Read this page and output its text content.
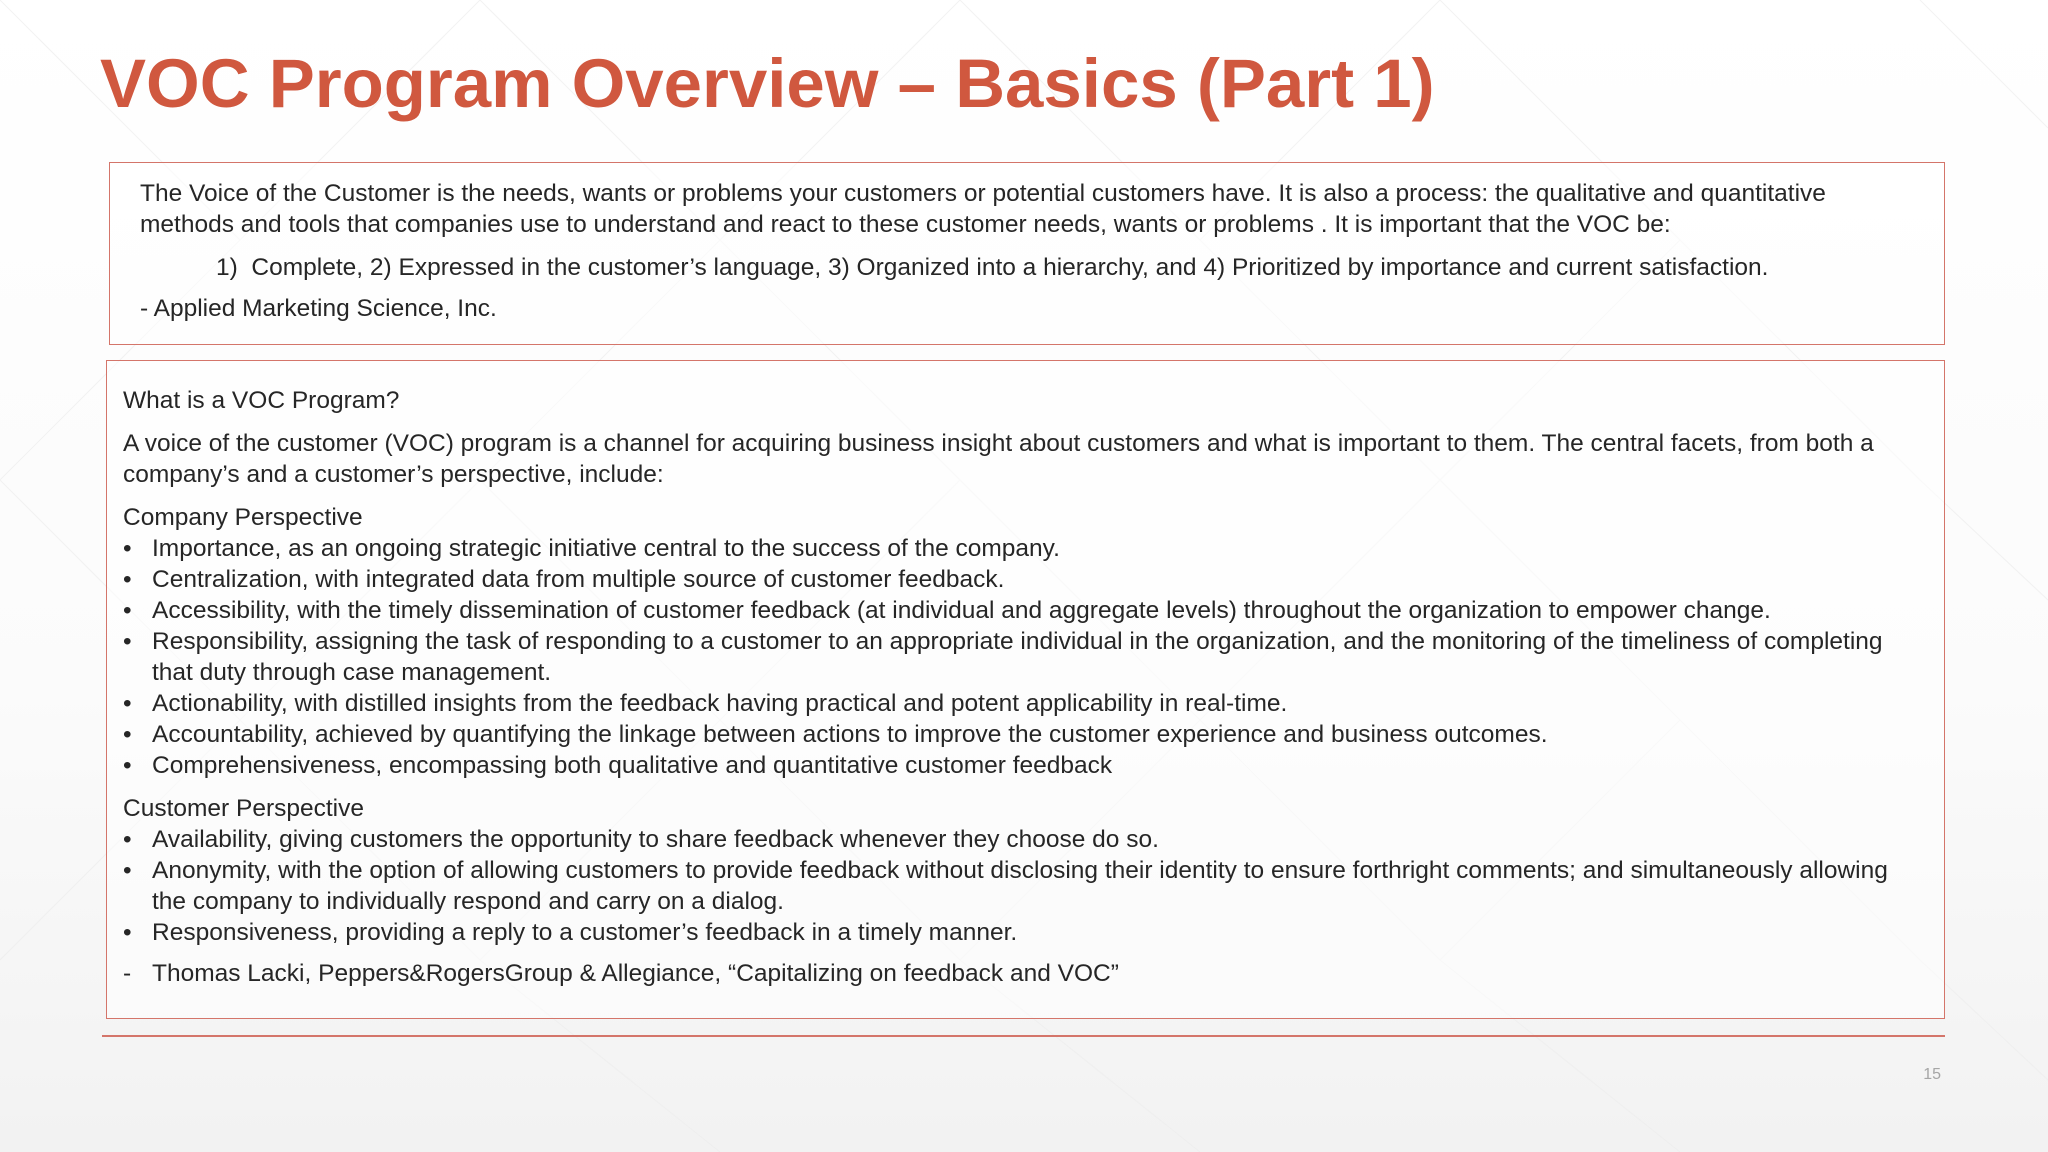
VOC Program Overview – Basics (Part 1)

The Voice of the Customer is the needs, wants or problems your customers or potential customers have. It is also a process: the qualitative and quantitative methods and tools that companies use to understand and react to these customer needs, wants or problems . It is important that the VOC be:

1) Complete, 2) Expressed in the customer’s language, 3) Organized into a hierarchy, and 4) Prioritized by importance and current satisfaction.

- Applied Marketing Science, Inc.

What is a VOC Program?

A voice of the customer (VOC) program is a channel for acquiring business insight about customers and what is important to them. The central facets, from both a company’s and a customer’s perspective, include:

Company Perspective

• Importance, as an ongoing strategic initiative central to the success of the company.
• Centralization, with integrated data from multiple source of customer feedback.
• Accessibility, with the timely dissemination of customer feedback (at individual and aggregate levels) throughout the organization to empower change.
• Responsibility, assigning the task of responding to a customer to an appropriate individual in the organization, and the monitoring of the timeliness of completing that duty through case management.
• Actionability, with distilled insights from the feedback having practical and potent applicability in real-time.
• Accountability, achieved by quantifying the linkage between actions to improve the customer experience and business outcomes.
• Comprehensiveness, encompassing both qualitative and quantitative customer feedback

Customer Perspective

• Availability, giving customers the opportunity to share feedback whenever they choose do so.
• Anonymity, with the option of allowing customers to provide feedback without disclosing their identity to ensure forthright comments; and simultaneously allowing the company to individually respond and carry on a dialog.
• Responsiveness, providing a reply to a customer’s feedback in a timely manner.

- Thomas Lacki, Peppers&RogersGroup & Allegiance, “Capitalizing on feedback and VOC”

15
